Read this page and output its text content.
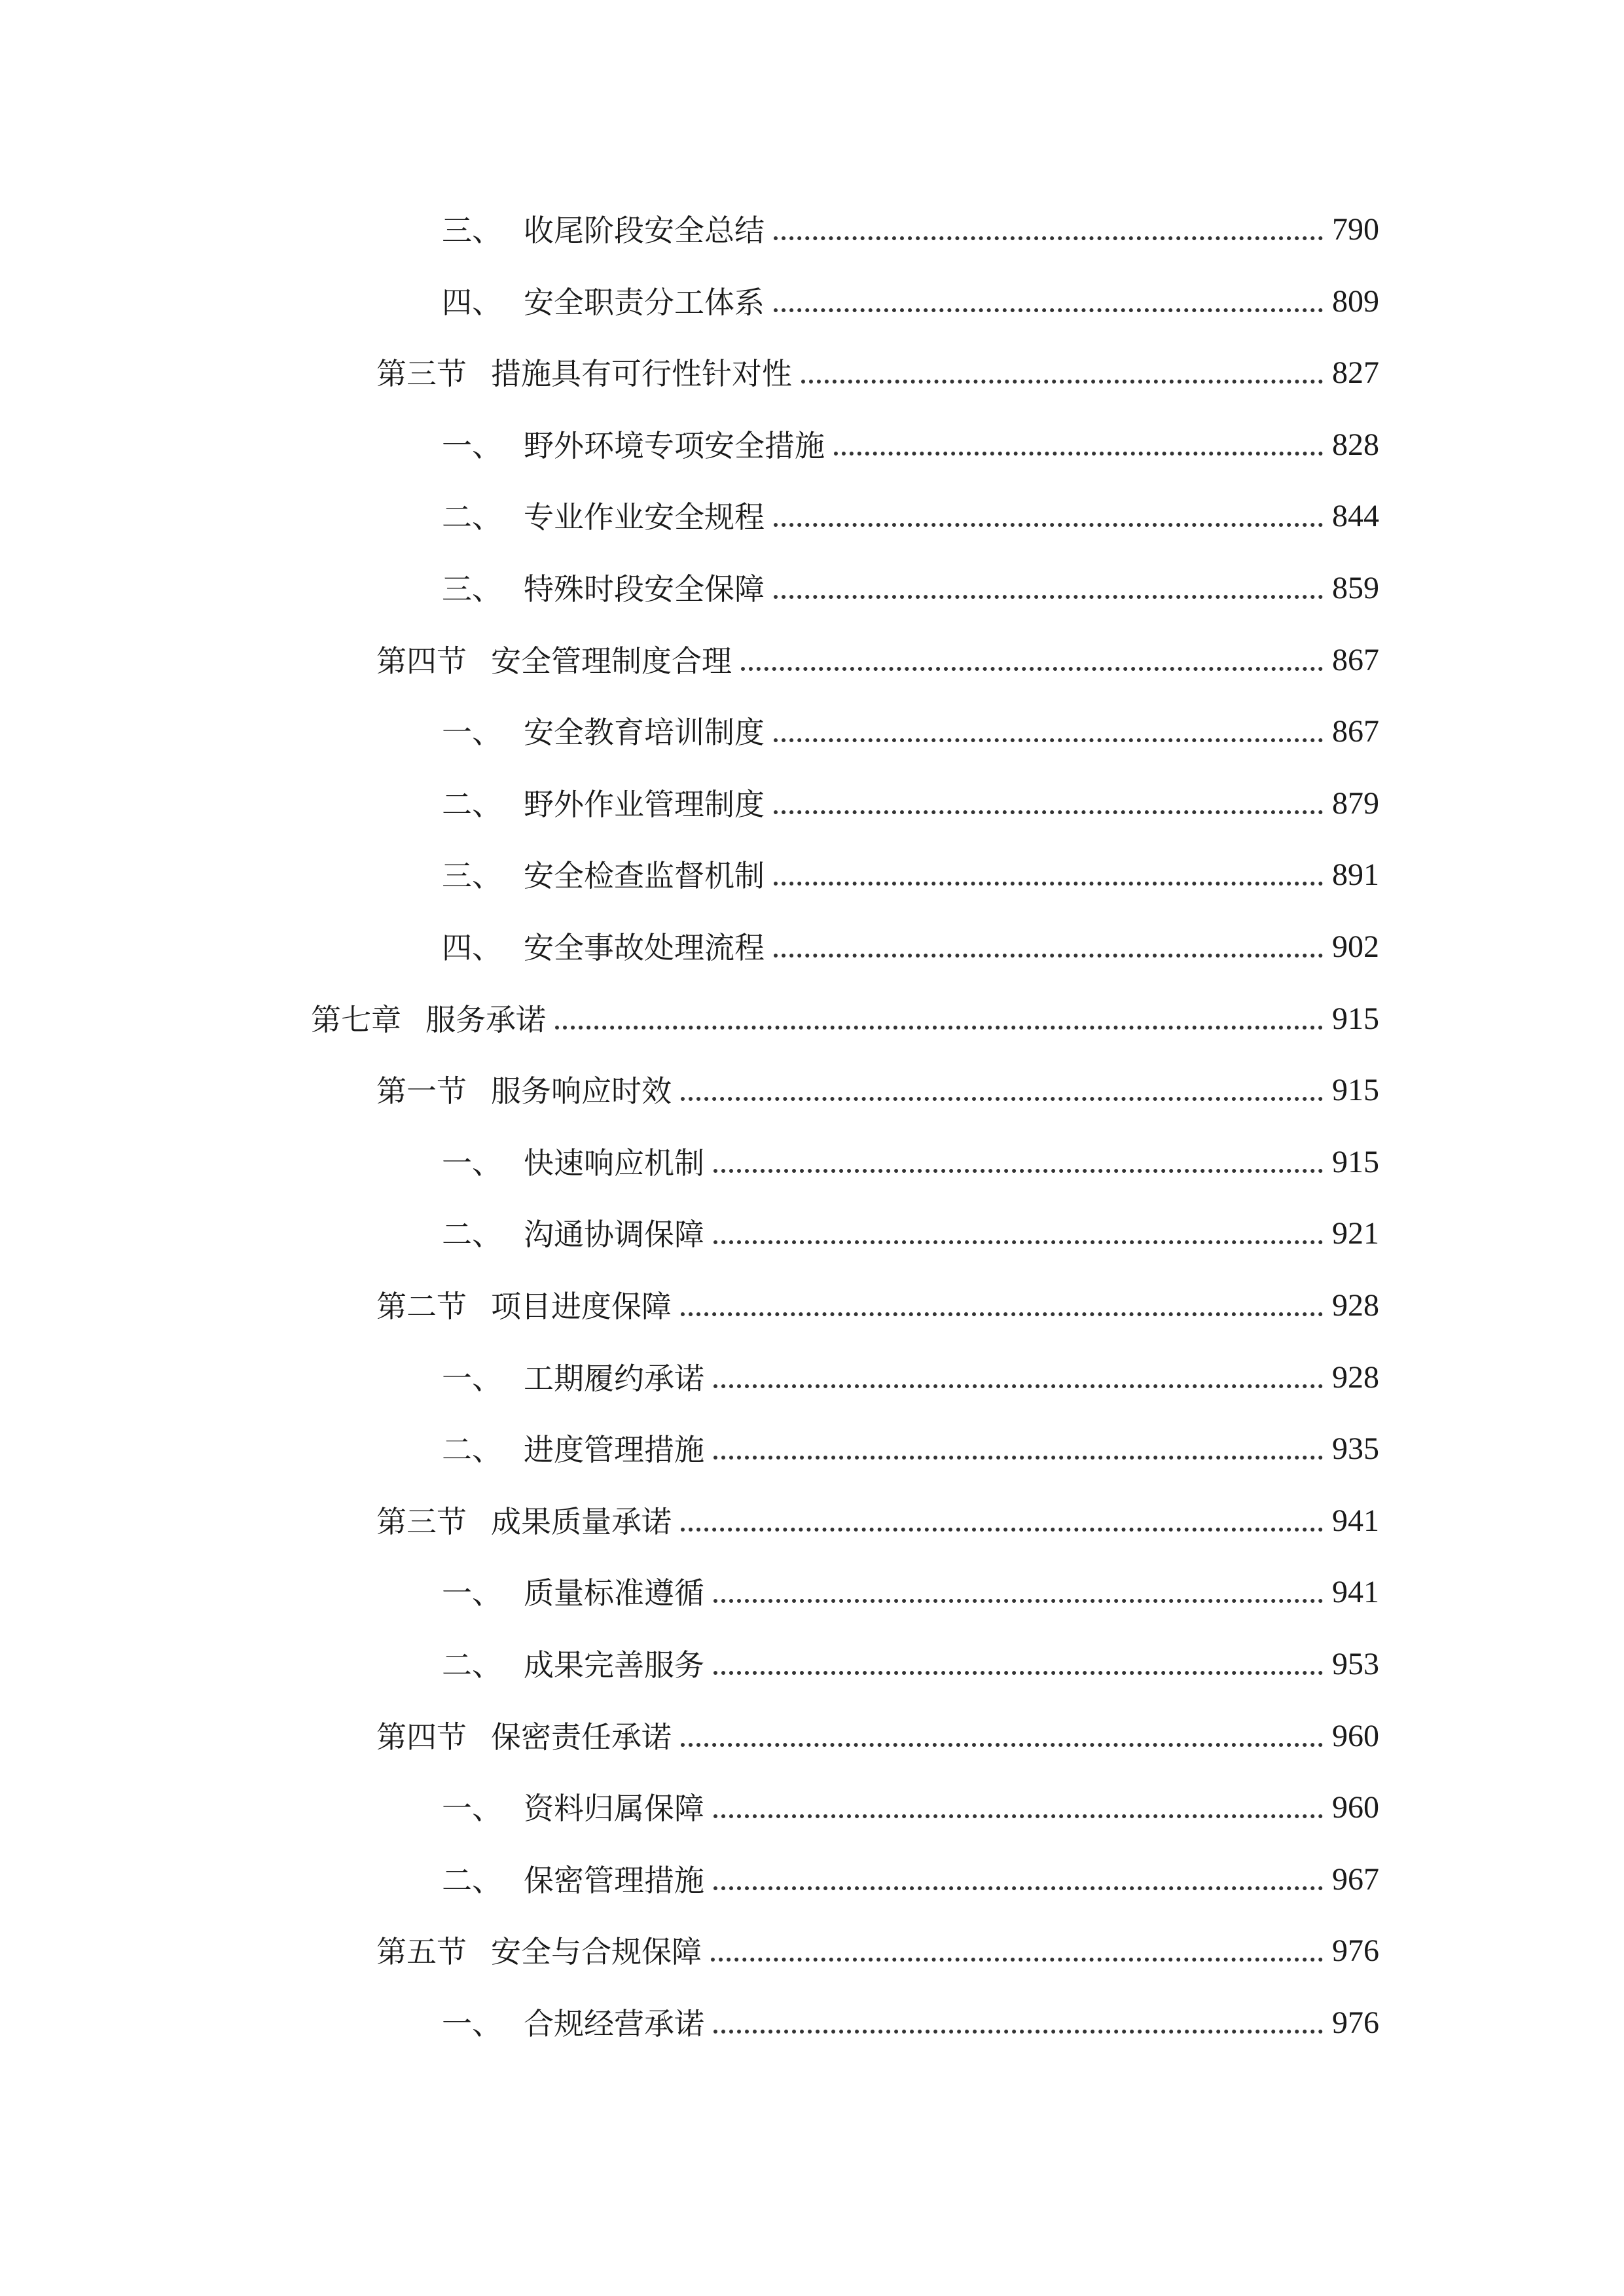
三、 收尾阶段安全总结	790
四、 安全职责分工体系	809
第三节 措施具有可行性针对性	827
一、 野外环境专项安全措施	828
二、 专业作业安全规程	844
三、 特殊时段安全保障	859
第四节 安全管理制度合理	867
一、 安全教育培训制度	867
二、 野外作业管理制度	879
三、 安全检查监督机制	891
四、 安全事故处理流程	902
第七章 服务承诺	915
第一节 服务响应时效	915
一、 快速响应机制	915
二、 沟通协调保障	921
第二节 项目进度保障	928
一、 工期履约承诺	928
二、 进度管理措施	935
第三节 成果质量承诺	941
一、 质量标准遵循	941
二、 成果完善服务	953
第四节 保密责任承诺	960
一、 资料归属保障	960
二、 保密管理措施	967
第五节 安全与合规保障	976
一、 合规经营承诺	976
